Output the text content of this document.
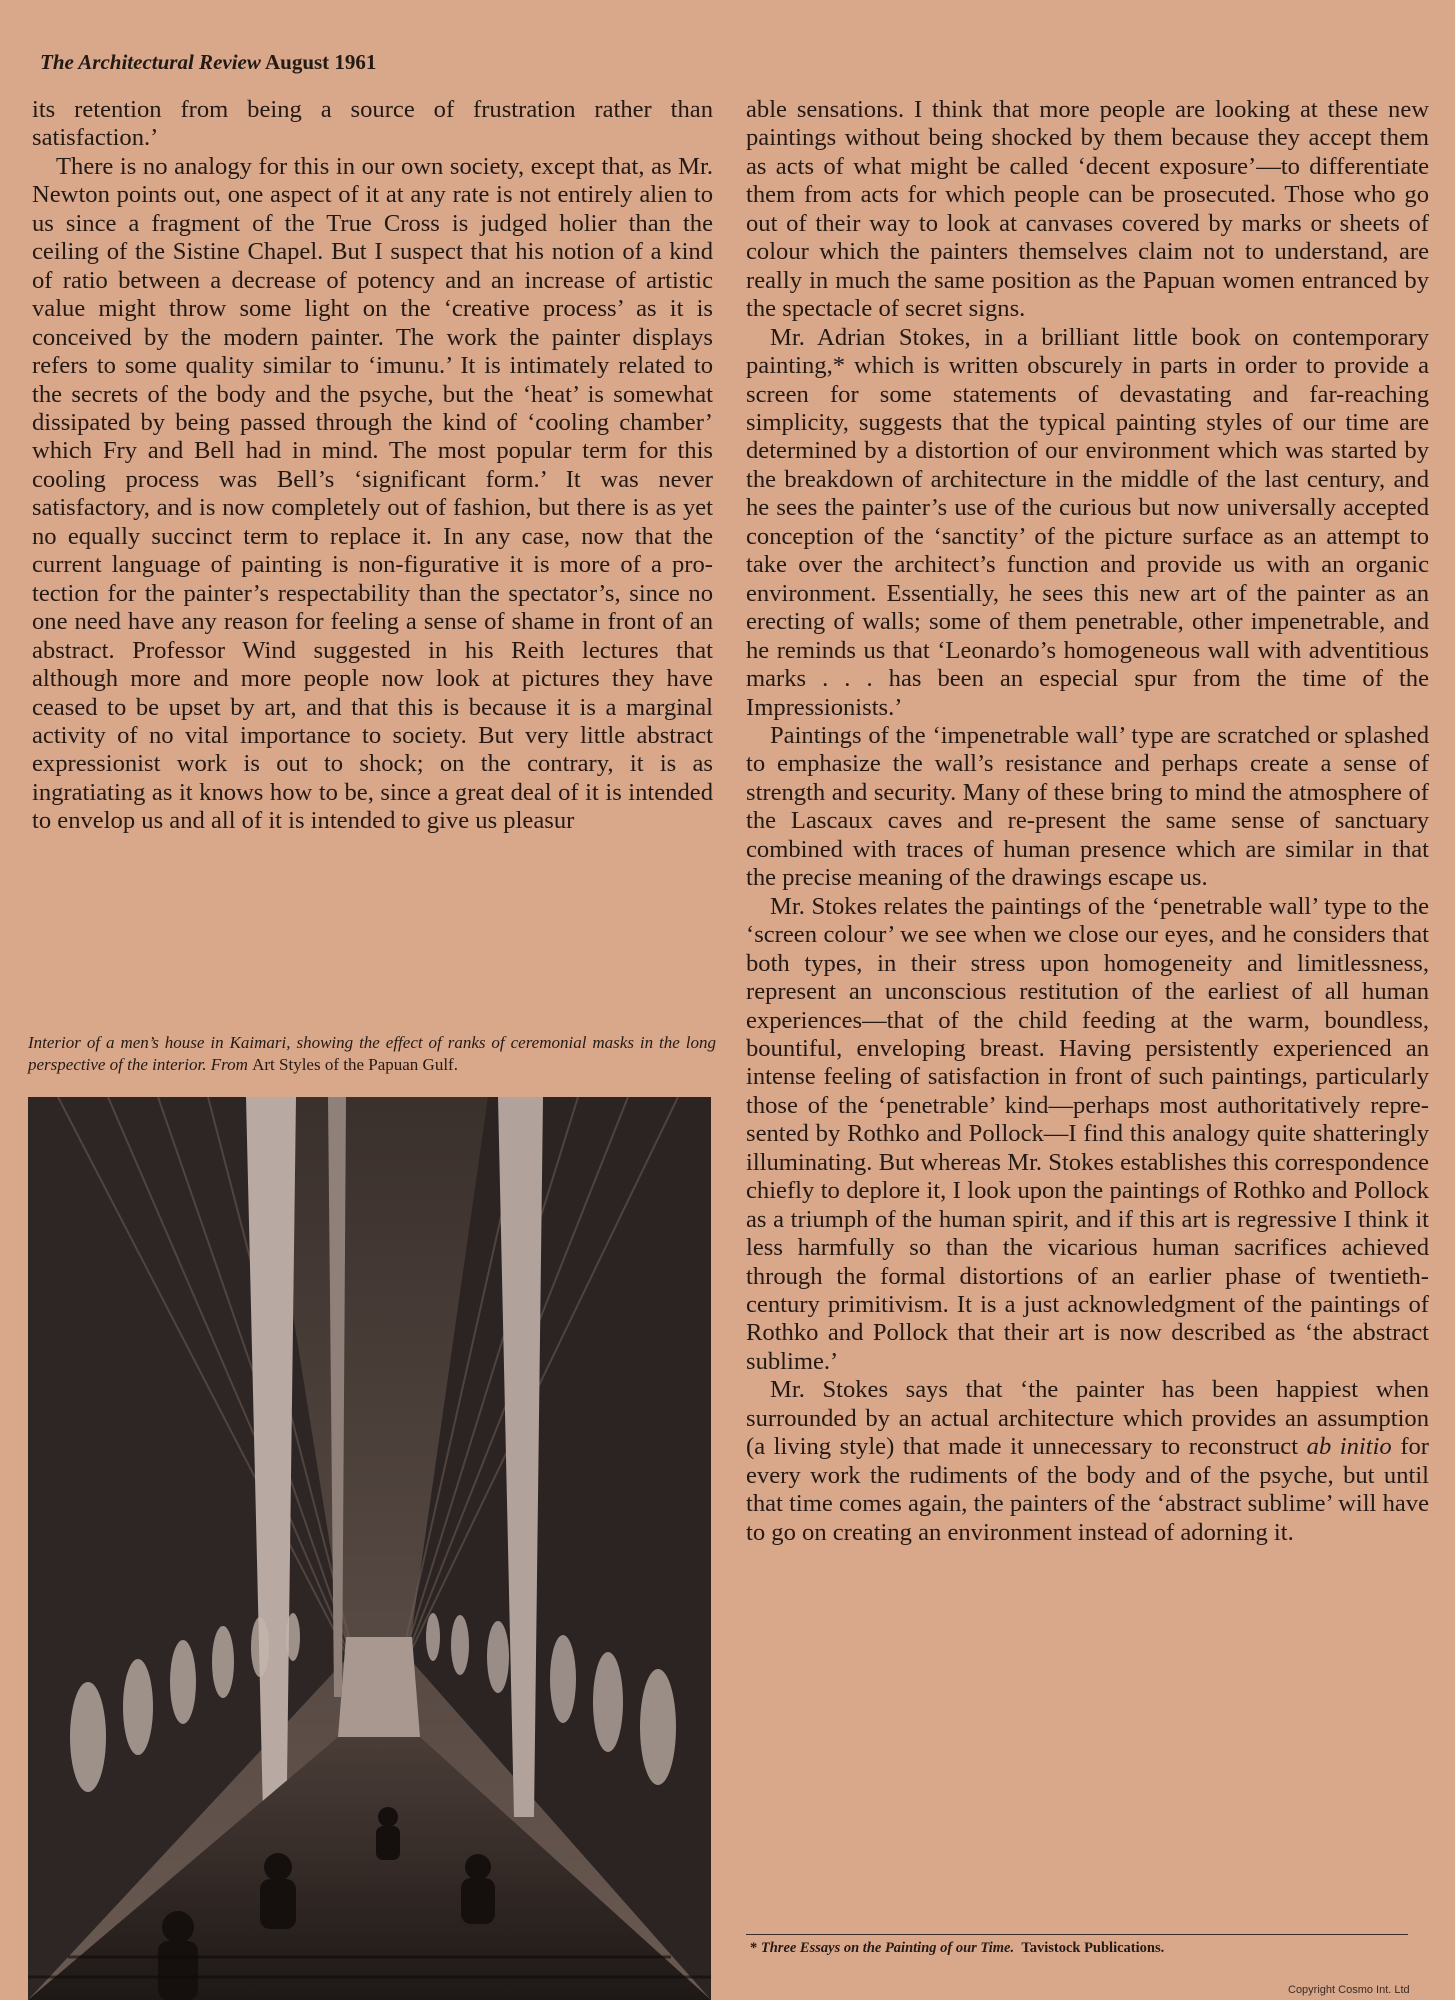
The Architectural Review August 1961

its retention from being a source of frustration rather than satisfaction.’

There is no analogy for this in our own society, except that, as Mr. Newton points out, one aspect of it at any rate is not entirely alien to us since a fragment of the True Cross is judged holier than the ceiling of the Sistine Chapel. But I suspect that his notion of a kind of ratio between a decrease of potency and an increase of artistic value might throw some light on the ‘creative process’ as it is conceived by the modern painter. The work the painter displays refers to some quality similar to ‘imunu.’ It is intimately related to the secrets of the body and the psyche, but the ‘heat’ is somewhat dissipated by being passed through the kind of ‘cooling chamber’ which Fry and Bell had in mind. The most popular term for this cooling process was Bell’s ‘significant form.’ It was never satisfactory, and is now completely out of fashion, but there is as yet no equally succinct term to replace it. In any case, now that the current language of painting is non-figurative it is more of a protection for the painter’s respectability than the spectator’s, since no one need have any reason for feeling a sense of shame in front of an abstract. Professor Wind suggested in his Reith lectures that although more and more people now look at pictures they have ceased to be upset by art, and that this is because it is a marginal activity of no vital importance to society. But very little abstract expressionist work is out to shock; on the contrary, it is as ingratiating as it knows how to be, since a great deal of it is intended to envelop us and all of it is intended to give us pleasur

Interior of a men’s house in Kaimari, showing the effect of ranks of ceremonial masks in the long perspective of the interior. From Art Styles of the Papuan Gulf.

able sensations. I think that more people are looking at these new paintings without being shocked by them because they accept them as acts of what might be called ‘decent exposure’—to differentiate them from acts for which people can be prosecuted. Those who go out of their way to look at canvases covered by marks or sheets of colour which the painters themselves claim not to understand, are really in much the same position as the Papuan women entranced by the spectacle of secret signs.

Mr. Adrian Stokes, in a brilliant little book on contemporary painting,* which is written obscurely in parts in order to provide a screen for some statements of devastating and far-reaching simplicity, suggests that the typical painting styles of our time are determined by a distortion of our environment which was started by the breakdown of architecture in the middle of the last century, and he sees the painter’s use of the curious but now universally accepted conception of the ‘sanctity’ of the picture surface as an attempt to take over the architect’s function and provide us with an organic environment. Essentially, he sees this new art of the painter as an erecting of walls; some of them penetrable, other impenetrable, and he reminds us that ‘Leonardo’s homogeneous wall with adventitious marks . . . has been an especial spur from the time of the Impressionists.’

Paintings of the ‘impenetrable wall’ type are scratched or splashed to emphasize the wall’s resistance and perhaps create a sense of strength and security. Many of these bring to mind the atmosphere of the Lascaux caves and re-present the same sense of sanctuary combined with traces of human presence which are similar in that the precise meaning of the drawings escape us.

Mr. Stokes relates the paintings of the ‘penetrable wall’ type to the ‘screen colour’ we see when we close our eyes, and he considers that both types, in their stress upon homogeneity and limitlessness, represent an unconscious restitution of the earliest of all human experiences—that of the child feeding at the warm, boundless, bountiful, enveloping breast. Having persistently experienced an intense feeling of satisfaction in front of such paintings, particularly those of the ‘penetrable’ kind—perhaps most authoritatively represented by Rothko and Pollock—I find this analogy quite shatteringly illuminating. But whereas Mr. Stokes establishes this correspondence chiefly to deplore it, I look upon the paintings of Rothko and Pollock as a triumph of the human spirit, and if this art is regressive I think it less harmfully so than the vicarious human sacrifices achieved through the formal distortions of an earlier phase of twentieth-century primitivism. It is a just acknowledgment of the paintings of Rothko and Pollock that their art is now described as ‘the abstract sublime.’

Mr. Stokes says that ‘the painter has been happiest when surrounded by an actual architecture which provides an assumption (a living style) that made it unnecessary to reconstruct ab initio for every work the rudiments of the body and of the psyche, but until that time comes again, the painters of the ‘abstract sublime’ will have to go on creating an environment instead of adorning it.

* Three Essays on the Painting of our Time. Tavistock Publications.
Copyright Cosmo Int. Ltd
